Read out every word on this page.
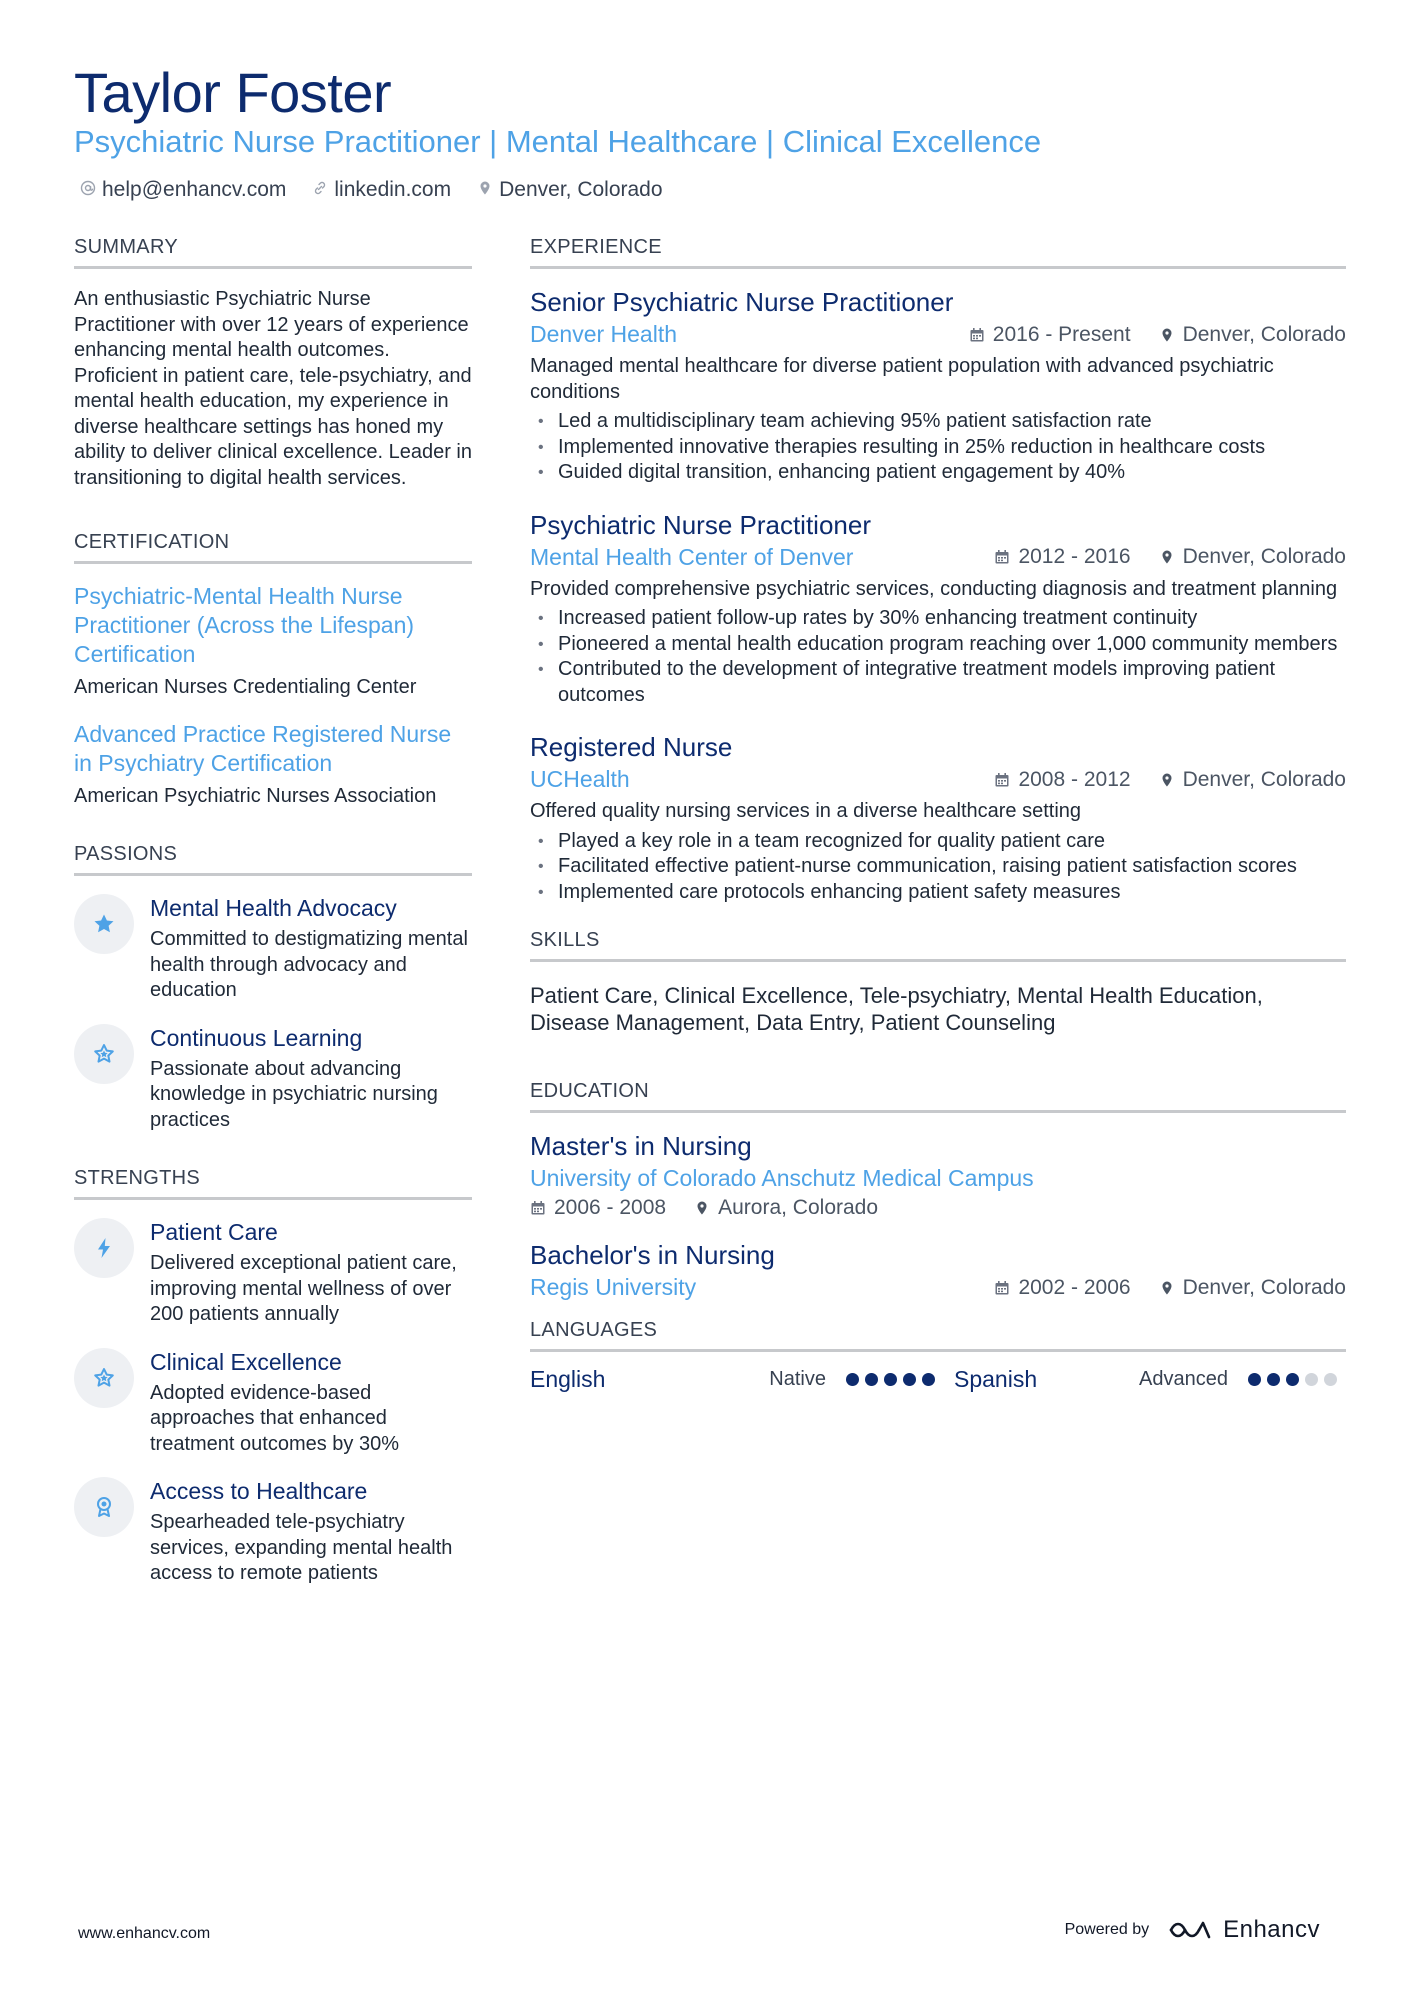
Taylor Foster
Psychiatric Nurse Practitioner | Mental Healthcare | Clinical Excellence
help@enhancv.com linkedin.com Denver, Colorado
SUMMARY

An enthusiastic Psychiatric Nurse Practitioner with over 12 years of experience enhancing mental health outcomes. Proficient in patient care, tele-psychiatry, and mental health education, my experience in diverse healthcare settings has honed my ability to deliver clinical excellence. Leader in transitioning to digital health services.

CERTIFICATION

Psychiatric-Mental Health Nurse Practitioner (Across the Lifespan) Certification

American Nurses Credentialing Center

Advanced Practice Registered Nurse in Psychiatry Certification

American Psychiatric Nurses Association

PASSIONS

Mental Health Advocacy

Committed to destigmatizing mental health through advocacy and education

Continuous Learning

Passionate about advancing knowledge in psychiatric nursing practices

STRENGTHS

Patient Care

Delivered exceptional patient care, improving mental wellness of over 200 patients annually

Clinical Excellence

Adopted evidence-based approaches that enhanced treatment outcomes by 30%

Access to Healthcare

Spearheaded tele-psychiatry services, expanding mental health access to remote patients

EXPERIENCE
Senior Psychiatric Nurse Practitioner
Denver Health	2016 - Present Denver, Colorado

Managed mental healthcare for diverse patient population with advanced psychiatric conditions

• Led a multidisciplinary team achieving 95% patient satisfaction rate
• Implemented innovative therapies resulting in 25% reduction in healthcare costs
• Guided digital transition, enhancing patient engagement by 40%
Psychiatric Nurse Practitioner
Mental Health Center of Denver	2012 - 2016 Denver, Colorado

Provided comprehensive psychiatric services, conducting diagnosis and treatment planning

• Increased patient follow-up rates by 30% enhancing treatment continuity
• Pioneered a mental health education program reaching over 1,000 community members
• Contributed to the development of integrative treatment models improving patient outcomes
Registered Nurse
UCHealth	2008 - 2012 Denver, Colorado

Offered quality nursing services in a diverse healthcare setting

• Played a key role in a team recognized for quality patient care
• Facilitated effective patient-nurse communication, raising patient satisfaction scores
• Implemented care protocols enhancing patient safety measures
SKILLS

Patient Care, Clinical Excellence, Tele-psychiatry, Mental Health Education, Disease Management, Data Entry, Patient Counseling

EDUCATION
Master's in Nursing
University of Colorado Anschutz Medical Campus
2006 - 2008 Aurora, Colorado
Bachelor's in Nursing
Regis University	2002 - 2006 Denver, Colorado
LANGUAGES
English	Native	Spanish	Advanced
www.enhancv.com	Powered by	Enhancv
